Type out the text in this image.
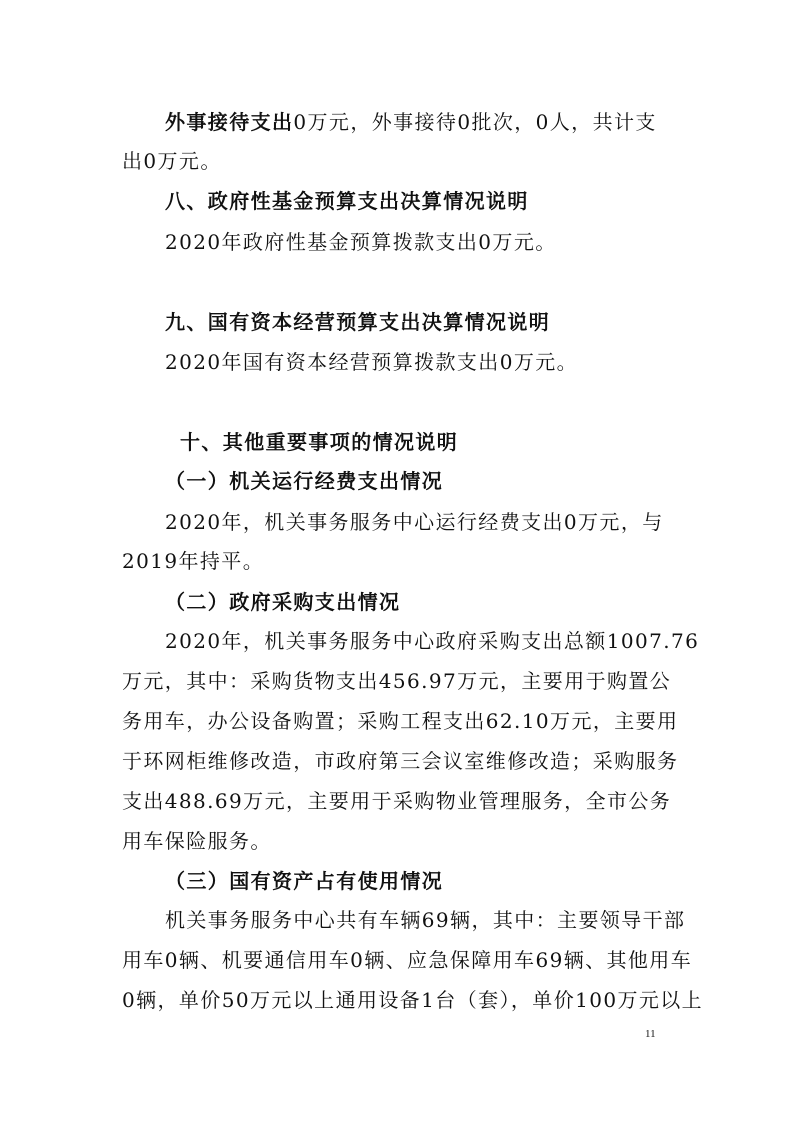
外事接待支出0万元，外事接待0批次，0人，共计支
出0万元。
八、政府性基金预算支出决算情况说明
2020年政府性基金预算拨款支出0万元。
九、国有资本经营预算支出决算情况说明
2020年国有资本经营预算拨款支出0万元。
十、其他重要事项的情况说明
（一）机关运行经费支出情况
2020年，机关事务服务中心运行经费支出0万元，与
2019年持平。
（二）政府采购支出情况
2020年，机关事务服务中心政府采购支出总额1007.76
万元，其中：采购货物支出456.97万元，主要用于购置公
务用车，办公设备购置；采购工程支出62.10万元，主要用
于环网柜维修改造，市政府第三会议室维修改造；采购服务
支出488.69万元，主要用于采购物业管理服务，全市公务
用车保险服务。
（三）国有资产占有使用情况
机关事务服务中心共有车辆69辆，其中：主要领导干部
用车0辆、机要通信用车0辆、应急保障用车69辆、其他用车
0辆，单价50万元以上通用设备1台（套），单价100万元以上
11
